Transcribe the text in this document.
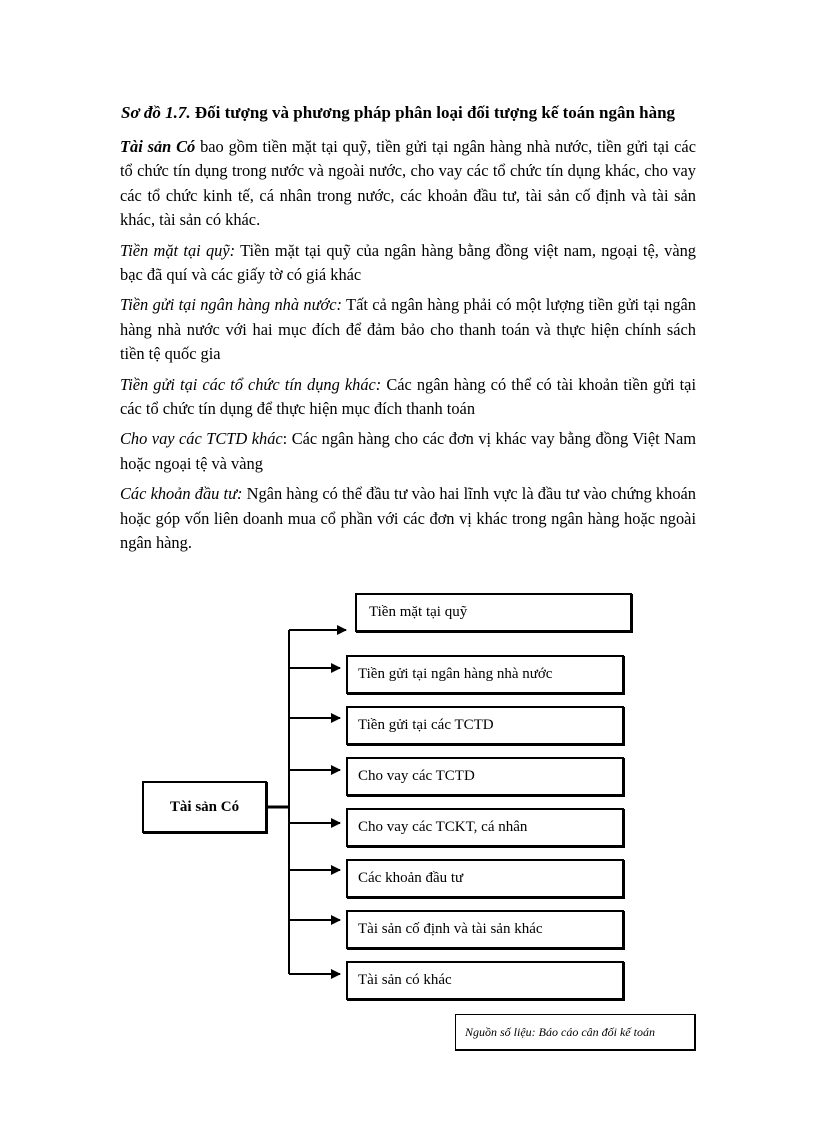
Sơ đồ 1.7. Đối tượng và phương pháp phân loại đối tượng kế toán ngân hàng

Tài sản Có bao gồm tiền mặt tại quỹ, tiền gửi tại ngân hàng nhà nước, tiền gửi tại các tổ chức tín dụng trong nước và ngoài nước, cho vay các tổ chức tín dụng khác, cho vay các tổ chức kinh tế, cá nhân trong nước, các khoản đầu tư, tài sản cố định và tài sản khác, tài sản có khác.

Tiền mặt tại quỹ: Tiền mặt tại quỹ của ngân hàng bằng đồng việt nam, ngoại tệ, vàng bạc đã quí và các giấy tờ có giá khác

Tiền gửi tại ngân hàng nhà nước: Tất cả ngân hàng phải có một lượng tiền gửi tại ngân hàng nhà nước với hai mục đích để đảm bảo cho thanh toán và thực hiện chính sách tiền tệ quốc gia

Tiền gửi tại các tổ chức tín dụng khác: Các ngân hàng có thể có tài khoản tiền gửi tại các tổ chức tín dụng để thực hiện mục đích thanh toán

Cho vay các TCTD khác: Các ngân hàng cho các đơn vị khác vay bằng đồng Việt Nam hoặc ngoại tệ và vàng

Các khoản đầu tư: Ngân hàng có thể đầu tư vào hai lĩnh vực là đầu tư vào chứng khoán hoặc góp vốn liên doanh mua cổ phần với các đơn vị khác trong ngân hàng hoặc ngoài ngân hàng.

Tài sản Có
Tiền mặt tại quỹ
Tiền gửi tại ngân hàng nhà nước
Tiền gửi tại các TCTD
Cho vay các TCTD
Cho vay các TCKT, cá nhân
Các khoản đầu tư
Tài sản cố định và tài sản khác
Tài sản có khác
Nguồn số liệu: Báo cáo cân đối kế toán
